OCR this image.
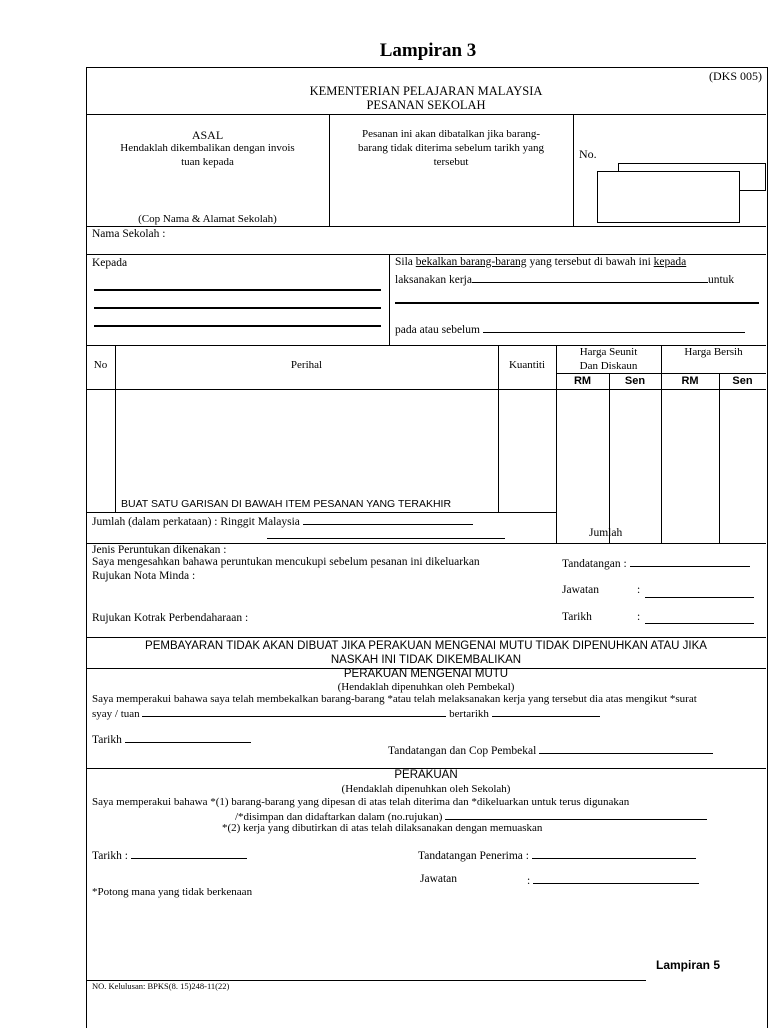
Lampiran 3
(DKS 005)
KEMENTERIAN PELAJARAN MALAYSIA
PESANAN SEKOLAH
ASAL
Hendaklah dikembalikan dengan invois
tuan kepada
(Cop Nama & Alamat Sekolah)
Pesanan ini akan dibatalkan jika barang-
barang tidak diterima sebelum tarikh yang
tersebut
No.
Nama Sekolah :
Kepada	Sila bekalkan barang-barang yang tersebut di bawah ini kepada
laksanakan kerja	untuk
pada atau sebelum
No	Perihal	Kuantiti
Harga Seunit
Dan Diskaun
Harga Bersih
RM	Sen	RM	Sen
BUAT SATU GARISAN DI BAWAH ITEM PESANAN YANG TERAKHIR
Jumlah (dalam perkataan) : Ringgit Malaysia
Jumlah
Jenis Peruntukan dikenakan :
Saya mengesahkan bahawa peruntukan mencukupi sebelum pesanan ini dikeluarkan
Rujukan Nota Minda :
Rujukan Kotrak Perbendaharaan :
Tandatangan :
Jawatan	:
Tarikh	:
PEMBAYARAN TIDAK AKAN DIBUAT JIKA PERAKUAN MENGENAI MUTU TIDAK DIPENUHKAN ATAU JIKA
NASKAH INI TIDAK DIKEMBALIKAN
PERAKUAN MENGENAI MUTU
(Hendaklah dipenuhkan oleh Pembekal)
Saya memperakui bahawa saya telah membekalkan barang-barang *atau telah melaksanakan kerja yang tersebut dia atas mengikut *surat
syay / tuan	bertarikh
Tarikh
Tandatangan dan Cop Pembekal
PERAKUAN
(Hendaklah dipenuhkan oleh Sekolah)
Saya memperakui bahawa *(1) barang-barang yang dipesan di atas telah diterima dan *dikeluarkan untuk terus digunakan
/*disimpan dan didaftarkan dalam (no.rujukan)
*(2) kerja yang dibutirkan di atas telah dilaksanakan dengan memuaskan
Tarikh :	Tandatangan Penerima :
Jawatan	:
*Potong mana yang tidak berkenaan
Lampiran 5
NO. Kelulusan: BPKS(8. 15)248-11(22)
